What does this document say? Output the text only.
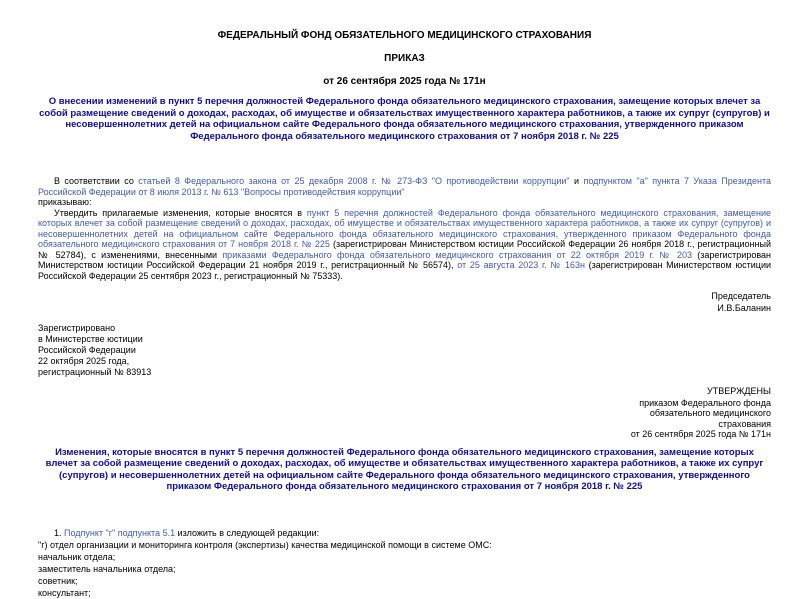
ФЕДЕРАЛЬНЫЙ ФОНД ОБЯЗАТЕЛЬНОГО МЕДИЦИНСКОГО СТРАХОВАНИЯ
ПРИКАЗ
от 26 сентября 2025 года № 171н
О внесении изменений в пункт 5 перечня должностей Федерального фонда обязательного медицинского страхования, замещение которых влечет за собой размещение сведений о доходах, расходах, об имуществе и обязательствах имущественного характера работников, а также их супруг (супругов) и несовершеннолетних детей на официальном сайте Федерального фонда обязательного медицинского страхования, утвержденного приказом Федерального фонда обязательного медицинского страхования от 7 ноября 2018 г. № 225

В соответствии со статьей 8 Федерального закона от 25 декабря 2008 г. № 273-ФЗ "О противодействии коррупции" и подпунктом "а" пункта 7 Указа Президента Российской Федерации от 8 июля 2013 г. № 613 "Вопросы противодействия коррупции"

приказываю:

Утвердить прилагаемые изменения, которые вносятся в пункт 5 перечня должностей Федерального фонда обязательного медицинского страхования, замещение которых влечет за собой размещение сведений о доходах, расходах, об имуществе и обязательствах имущественного характера работников, а также их супруг (супругов) и несовершеннолетних детей на официальном сайте Федерального фонда обязательного медицинского страхования, утвержденного приказом Федерального фонда обязательного медицинского страхования от 7 ноября 2018 г. № 225 (зарегистрирован Министерством юстиции Российской Федерации 26 ноября 2018 г., регистрационный № 52784), с изменениями, внесенными приказами Федерального фонда обязательного медицинского страхования от 22 октября 2019 г. № 203 (зарегистрирован Министерством юстиции Российской Федерации 21 ноября 2019 г., регистрационный № 56574), от 25 августа 2023 г. № 163н (зарегистрирован Министерством юстиции Российской Федерации 25 сентября 2023 г., регистрационный № 75333).

Председатель
И.В.Баланин
Зарегистрировано
в Министерстве юстиции
Российской Федерации
22 октября 2025 года,
регистрационный № 83913
УТВЕРЖДЕНЫ
приказом Федерального фонда
обязательного медицинского
страхования
от 26 сентября 2025 года № 171н
Изменения, которые вносятся в пункт 5 перечня должностей Федерального фонда обязательного медицинского страхования, замещение которых влечет за собой размещение сведений о доходах, расходах, об имуществе и обязательствах имущественного характера работников, а также их супруг (супругов) и несовершеннолетних детей на официальном сайте Федерального фонда обязательного медицинского страхования, утвержденного приказом Федерального фонда обязательного медицинского страхования от 7 ноября 2018 г. № 225
1. Подпункт "г" подпункта 5.1 изложить в следующей редакции:
"г) отдел организации и мониторинга контроля (экспертизы) качества медицинской помощи в системе ОМС:
начальник отдела;
заместитель начальника отдела;
советник;
консультант;
